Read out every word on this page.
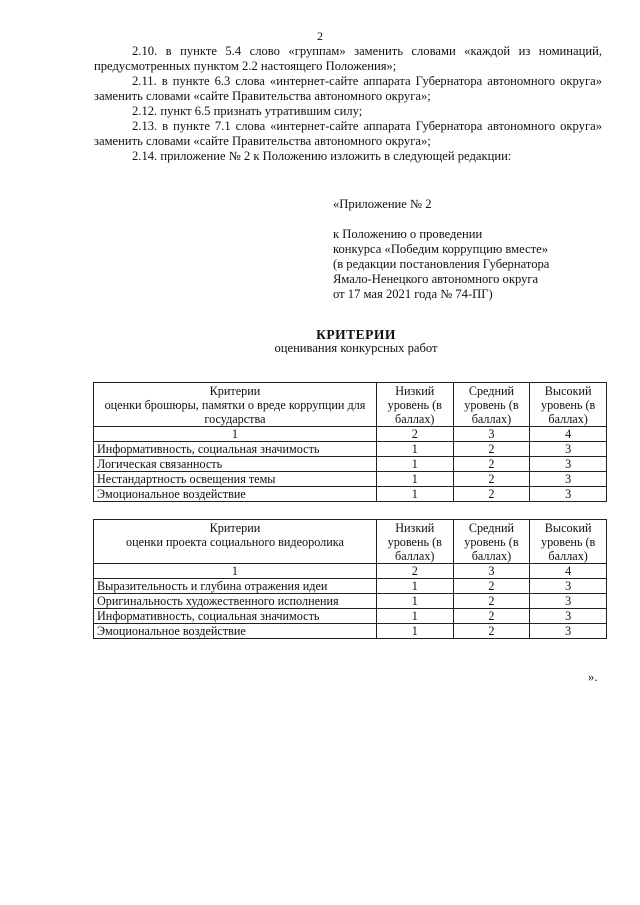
2

2.10. в пункте 5.4 слово «группам» заменить словами «каждой из номинаций, предусмотренных пунктом 2.2 настоящего Положения»;

2.11. в пункте 6.3 слова «интернет-сайте аппарата Губернатора автономного округа» заменить словами «сайте Правительства автономного округа»;

2.12. пункт 6.5 признать утратившим силу;

2.13. в пункте 7.1 слова «интернет-сайте аппарата Губернатора автономного округа» заменить словами «сайте Правительства автономного округа»;

2.14. приложение № 2 к Положению изложить в следующей редакции:

«Приложение № 2
к Положению о проведении
конкурса «Победим коррупцию вместе»
(в редакции постановления Губернатора
Ямало-Ненецкого автономного округа
от 17 мая 2021 года № 74-ПГ)
КРИТЕРИИ
оценивания конкурсных работ
Критерии
оценки брошюры, памятки о вреде коррупции для государства	Низкий уровень (в баллах)	Средний уровень (в баллах)	Высокий уровень (в баллах)
1	2	3	4
Информативность, социальная значимость	1	2	3
Логическая связанность	1	2	3
Нестандартность освещения темы	1	2	3
Эмоциональное воздействие	1	2	3
Критерии
оценки проекта социального видеоролика	Низкий уровень (в баллах)	Средний уровень (в баллах)	Высокий уровень (в баллах)
1	2	3	4
Выразительность и глубина отражения идеи	1	2	3
Оригинальность художественного исполнения	1	2	3
Информативность, социальная значимость	1	2	3
Эмоциональное воздействие	1	2	3
».
